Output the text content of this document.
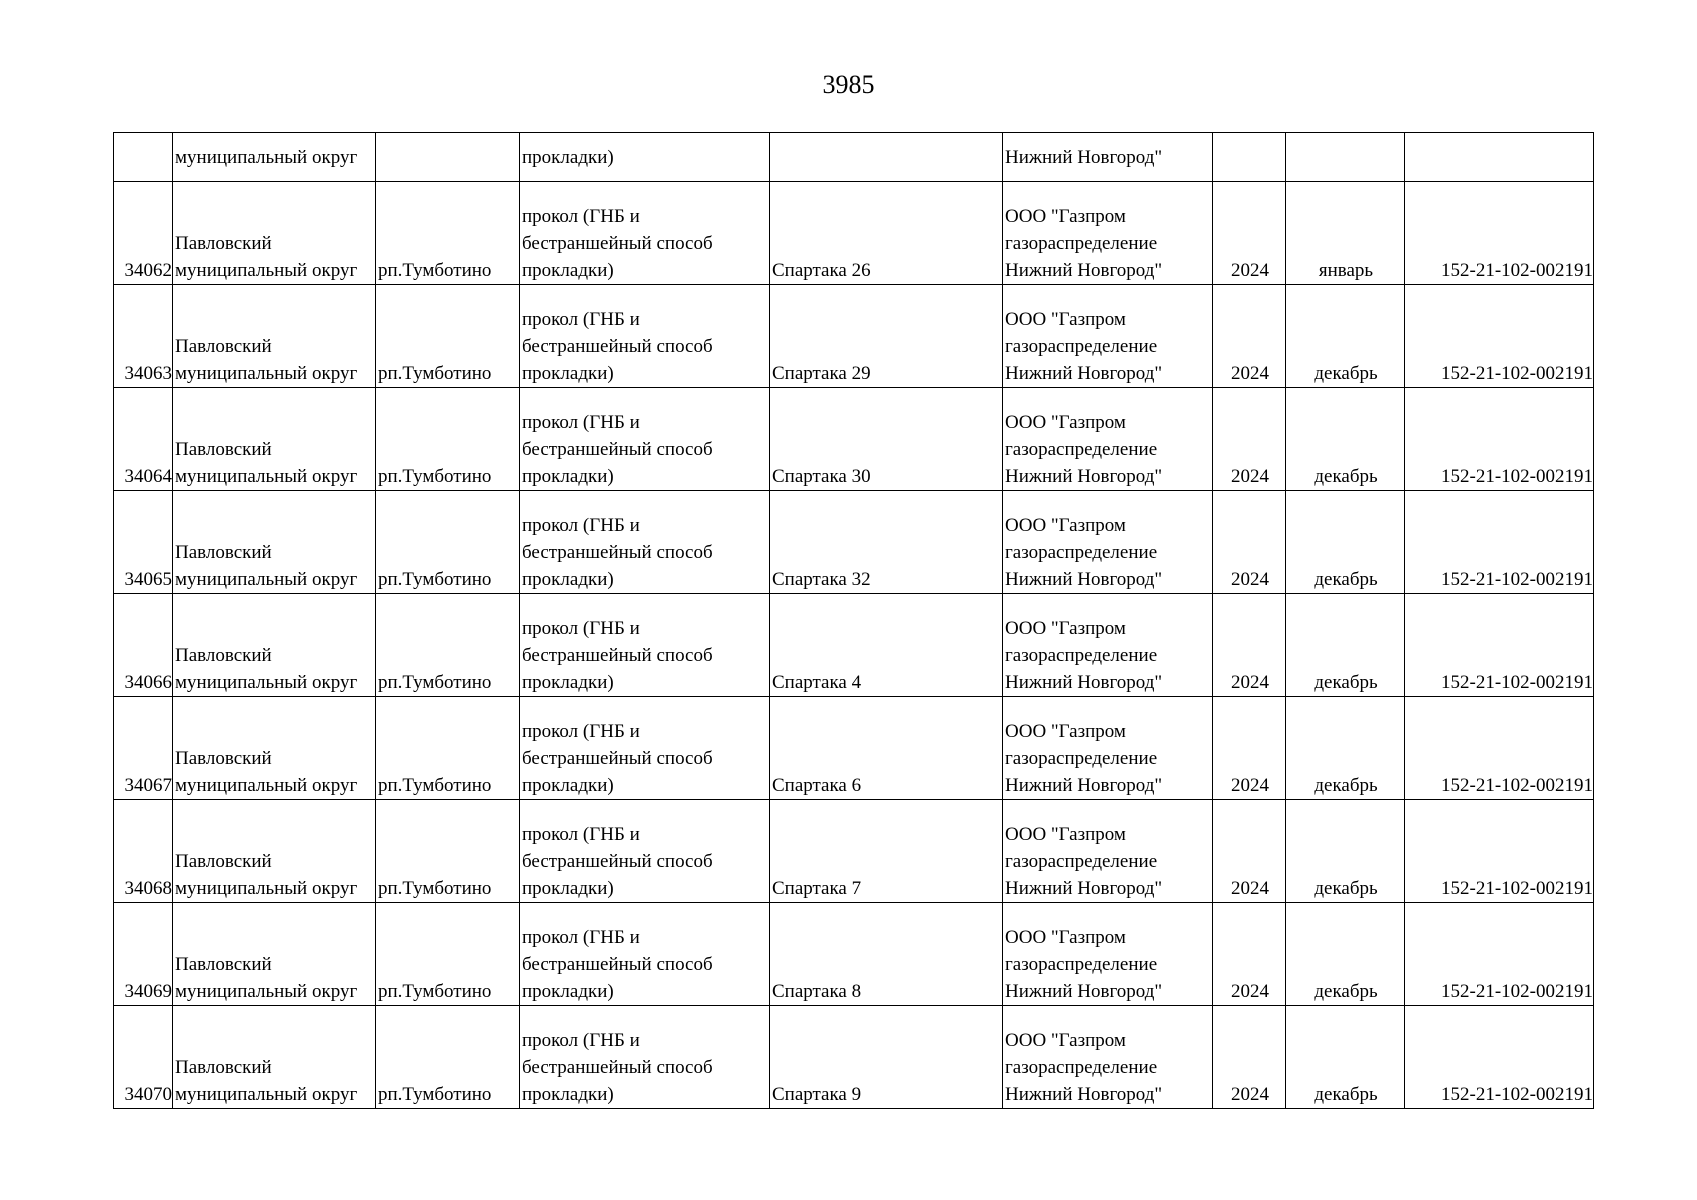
3985
	муниципальный округ		прокладки)		Нижний Новгород"			
34062	Павловский
муниципальный округ	рп.Тумботино	прокол (ГНБ и
бестраншейный способ
прокладки)	Спартака 26	ООО "Газпром
газораспределение
Нижний Новгород"	2024	январь	152-21-102-002191
34063	Павловский
муниципальный округ	рп.Тумботино	прокол (ГНБ и
бестраншейный способ
прокладки)	Спартака 29	ООО "Газпром
газораспределение
Нижний Новгород"	2024	декабрь	152-21-102-002191
34064	Павловский
муниципальный округ	рп.Тумботино	прокол (ГНБ и
бестраншейный способ
прокладки)	Спартака 30	ООО "Газпром
газораспределение
Нижний Новгород"	2024	декабрь	152-21-102-002191
34065	Павловский
муниципальный округ	рп.Тумботино	прокол (ГНБ и
бестраншейный способ
прокладки)	Спартака 32	ООО "Газпром
газораспределение
Нижний Новгород"	2024	декабрь	152-21-102-002191
34066	Павловский
муниципальный округ	рп.Тумботино	прокол (ГНБ и
бестраншейный способ
прокладки)	Спартака 4	ООО "Газпром
газораспределение
Нижний Новгород"	2024	декабрь	152-21-102-002191
34067	Павловский
муниципальный округ	рп.Тумботино	прокол (ГНБ и
бестраншейный способ
прокладки)	Спартака 6	ООО "Газпром
газораспределение
Нижний Новгород"	2024	декабрь	152-21-102-002191
34068	Павловский
муниципальный округ	рп.Тумботино	прокол (ГНБ и
бестраншейный способ
прокладки)	Спартака 7	ООО "Газпром
газораспределение
Нижний Новгород"	2024	декабрь	152-21-102-002191
34069	Павловский
муниципальный округ	рп.Тумботино	прокол (ГНБ и
бестраншейный способ
прокладки)	Спартака 8	ООО "Газпром
газораспределение
Нижний Новгород"	2024	декабрь	152-21-102-002191
34070	Павловский
муниципальный округ	рп.Тумботино	прокол (ГНБ и
бестраншейный способ
прокладки)	Спартака 9	ООО "Газпром
газораспределение
Нижний Новгород"	2024	декабрь	152-21-102-002191
